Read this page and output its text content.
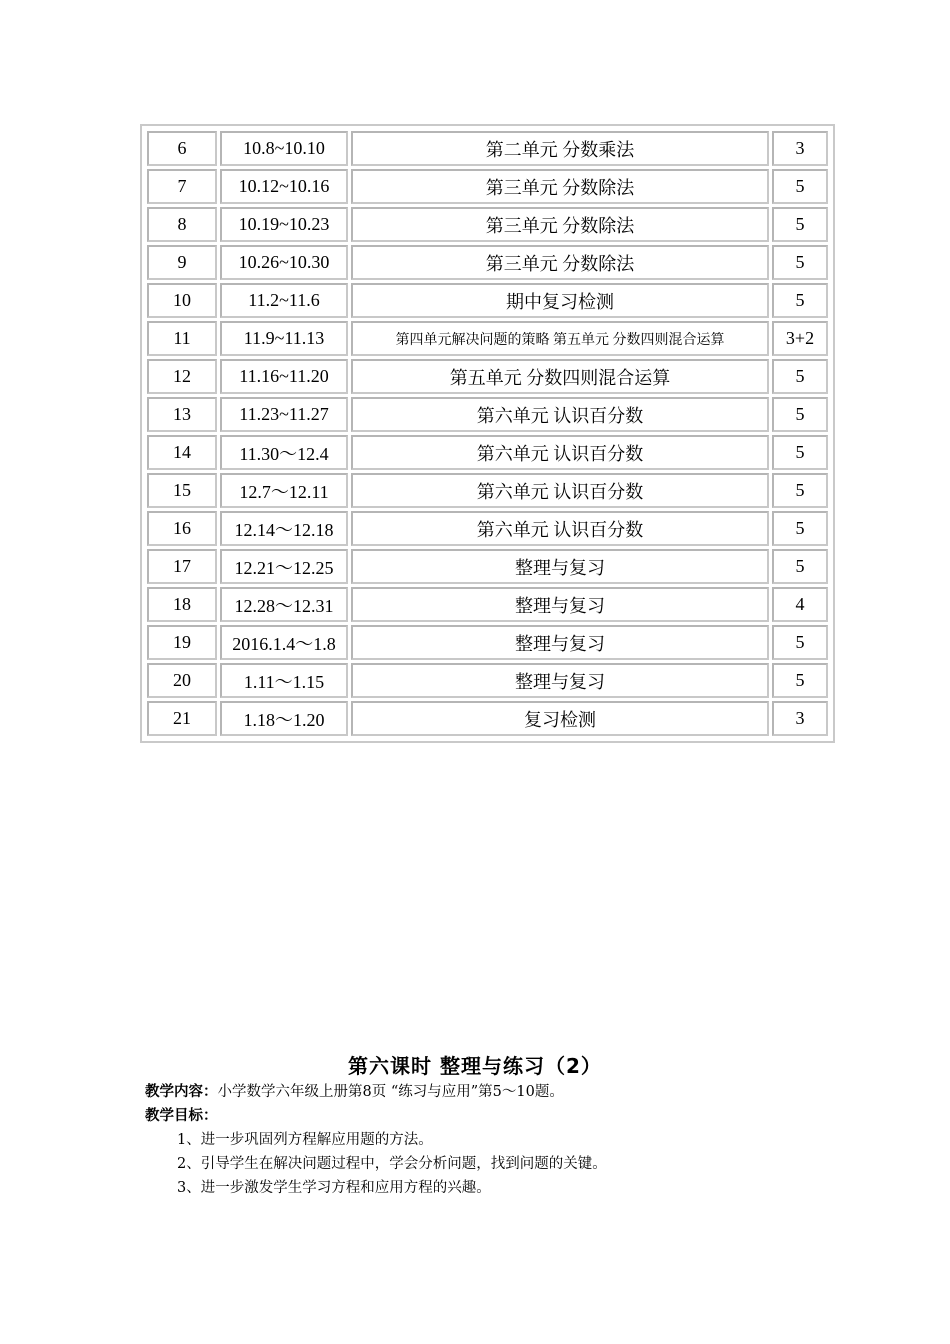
6	10.8~10.10	第二单元 分数乘法	3
7	10.12~10.16	第三单元 分数除法	5
8	10.19~10.23	第三单元 分数除法	5
9	10.26~10.30	第三单元 分数除法	5
10	11.2~11.6	期中复习检测	5
11	11.9~11.13	第四单元解决问题的策略 第五单元 分数四则混合运算	3+2
12	11.16~11.20	第五单元 分数四则混合运算	5
13	11.23~11.27	第六单元 认识百分数	5
14	11.30～12.4	第六单元 认识百分数	5
15	12.7～12.11	第六单元 认识百分数	5
16	12.14～12.18	第六单元 认识百分数	5
17	12.21～12.25	整理与复习	5
18	12.28～12.31	整理与复习	4
19	2016.1.4～1.8	整理与复习	5
20	1.11～1.15	整理与复习	5
21	1.18～1.20	复习检测	3
第六课时 整理与练习（2）
教学内容：小学数学六年级上册第8页 “练习与应用”第5～10题。
教学目标：
1、进一步巩固列方程解应用题的方法。
2、引导学生在解决问题过程中，学会分析问题，找到问题的关键。
3、进一步激发学生学习方程和应用方程的兴趣。
